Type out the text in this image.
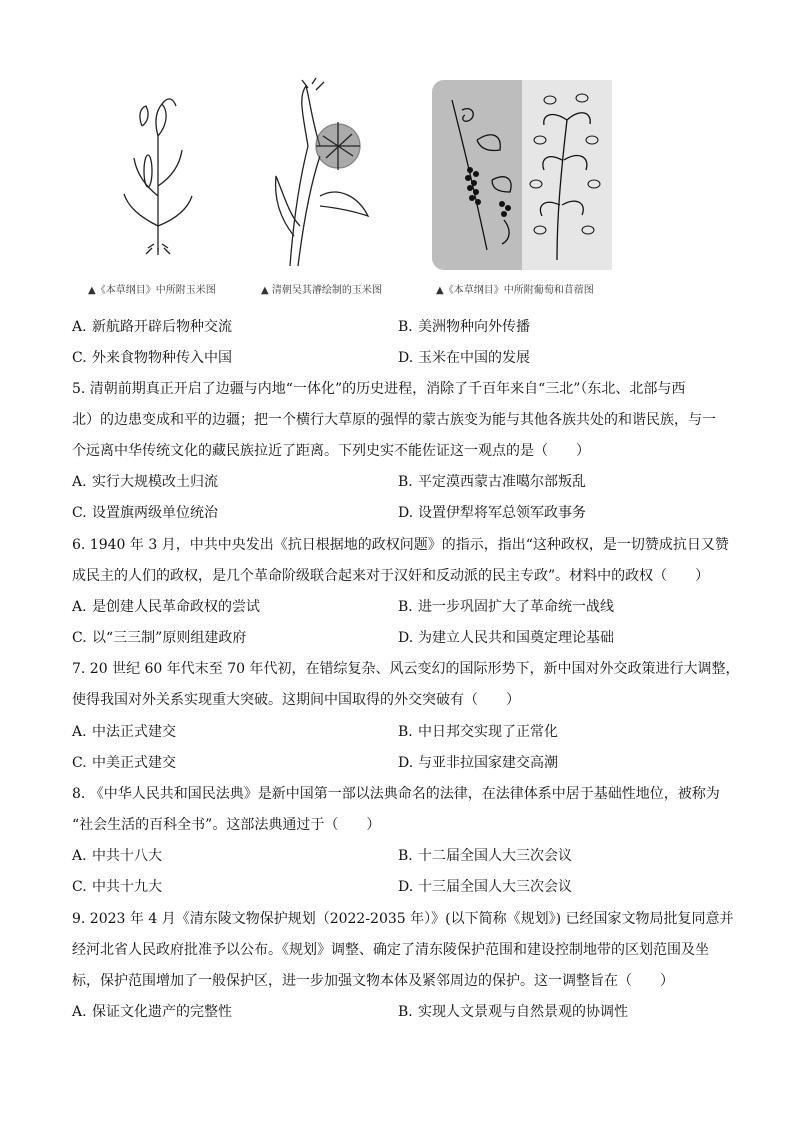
▲《本草纲目》中所附玉米图	▲ 清朝吴其濬绘制的玉米图	▲《本草纲目》中所附葡萄和苜蓿图
A. 新航路开辟后物种交流	B. 美洲物种向外传播
C. 外来食物物种传入中国	D. 玉米在中国的发展
5. 清朝前期真正开启了边疆与内地“一体化”的历史进程，消除了千百年来自“三北”（东北、北部与西
北）的边患变成和平的边疆；把一个横行大草原的强悍的蒙古族变为能与其他各族共处的和谐民族，与一
个远离中华传统文化的藏民族拉近了距离。下列史实不能佐证这一观点的是（　　）
A. 实行大规模改土归流	B. 平定漠西蒙古准噶尔部叛乱
C. 设置旗两级单位统治	D. 设置伊犁将军总领军政事务
6. 1940 年 3 月，中共中央发出《抗日根据地的政权问题》的指示，指出“这种政权，是一切赞成抗日又赞
成民主的人们的政权，是几个革命阶级联合起来对于汉奸和反动派的民主专政”。材料中的政权（　　）
A. 是创建人民革命政权的尝试	B. 进一步巩固扩大了革命统一战线
C. 以“三三制”原则组建政府	D. 为建立人民共和国奠定理论基础
7. 20 世纪 60 年代末至 70 年代初，在错综复杂、风云变幻的国际形势下，新中国对外交政策进行大调整，
使得我国对外关系实现重大突破。这期间中国取得的外交突破有（　　）
A. 中法正式建交	B. 中日邦交实现了正常化
C. 中美正式建交	D. 与亚非拉国家建交高潮
8. 《中华人民共和国民法典》是新中国第一部以法典命名的法律，在法律体系中居于基础性地位，被称为
“社会生活的百科全书”。这部法典通过于（　　）
A. 中共十八大	B. 十二届全国人大三次会议
C. 中共十九大	D. 十三届全国人大三次会议
9. 2023 年 4 月《清东陵文物保护规划（2022-2035 年）》(以下简称《规划》) 已经国家文物局批复同意并
经河北省人民政府批准予以公布。《规划》调整、确定了清东陵保护范围和建设控制地带的区划范围及坐
标，保护范围增加了一般保护区，进一步加强文物本体及紧邻周边的保护。这一调整旨在（　　）
A. 保证文化遗产的完整性	B. 实现人文景观与自然景观的协调性
